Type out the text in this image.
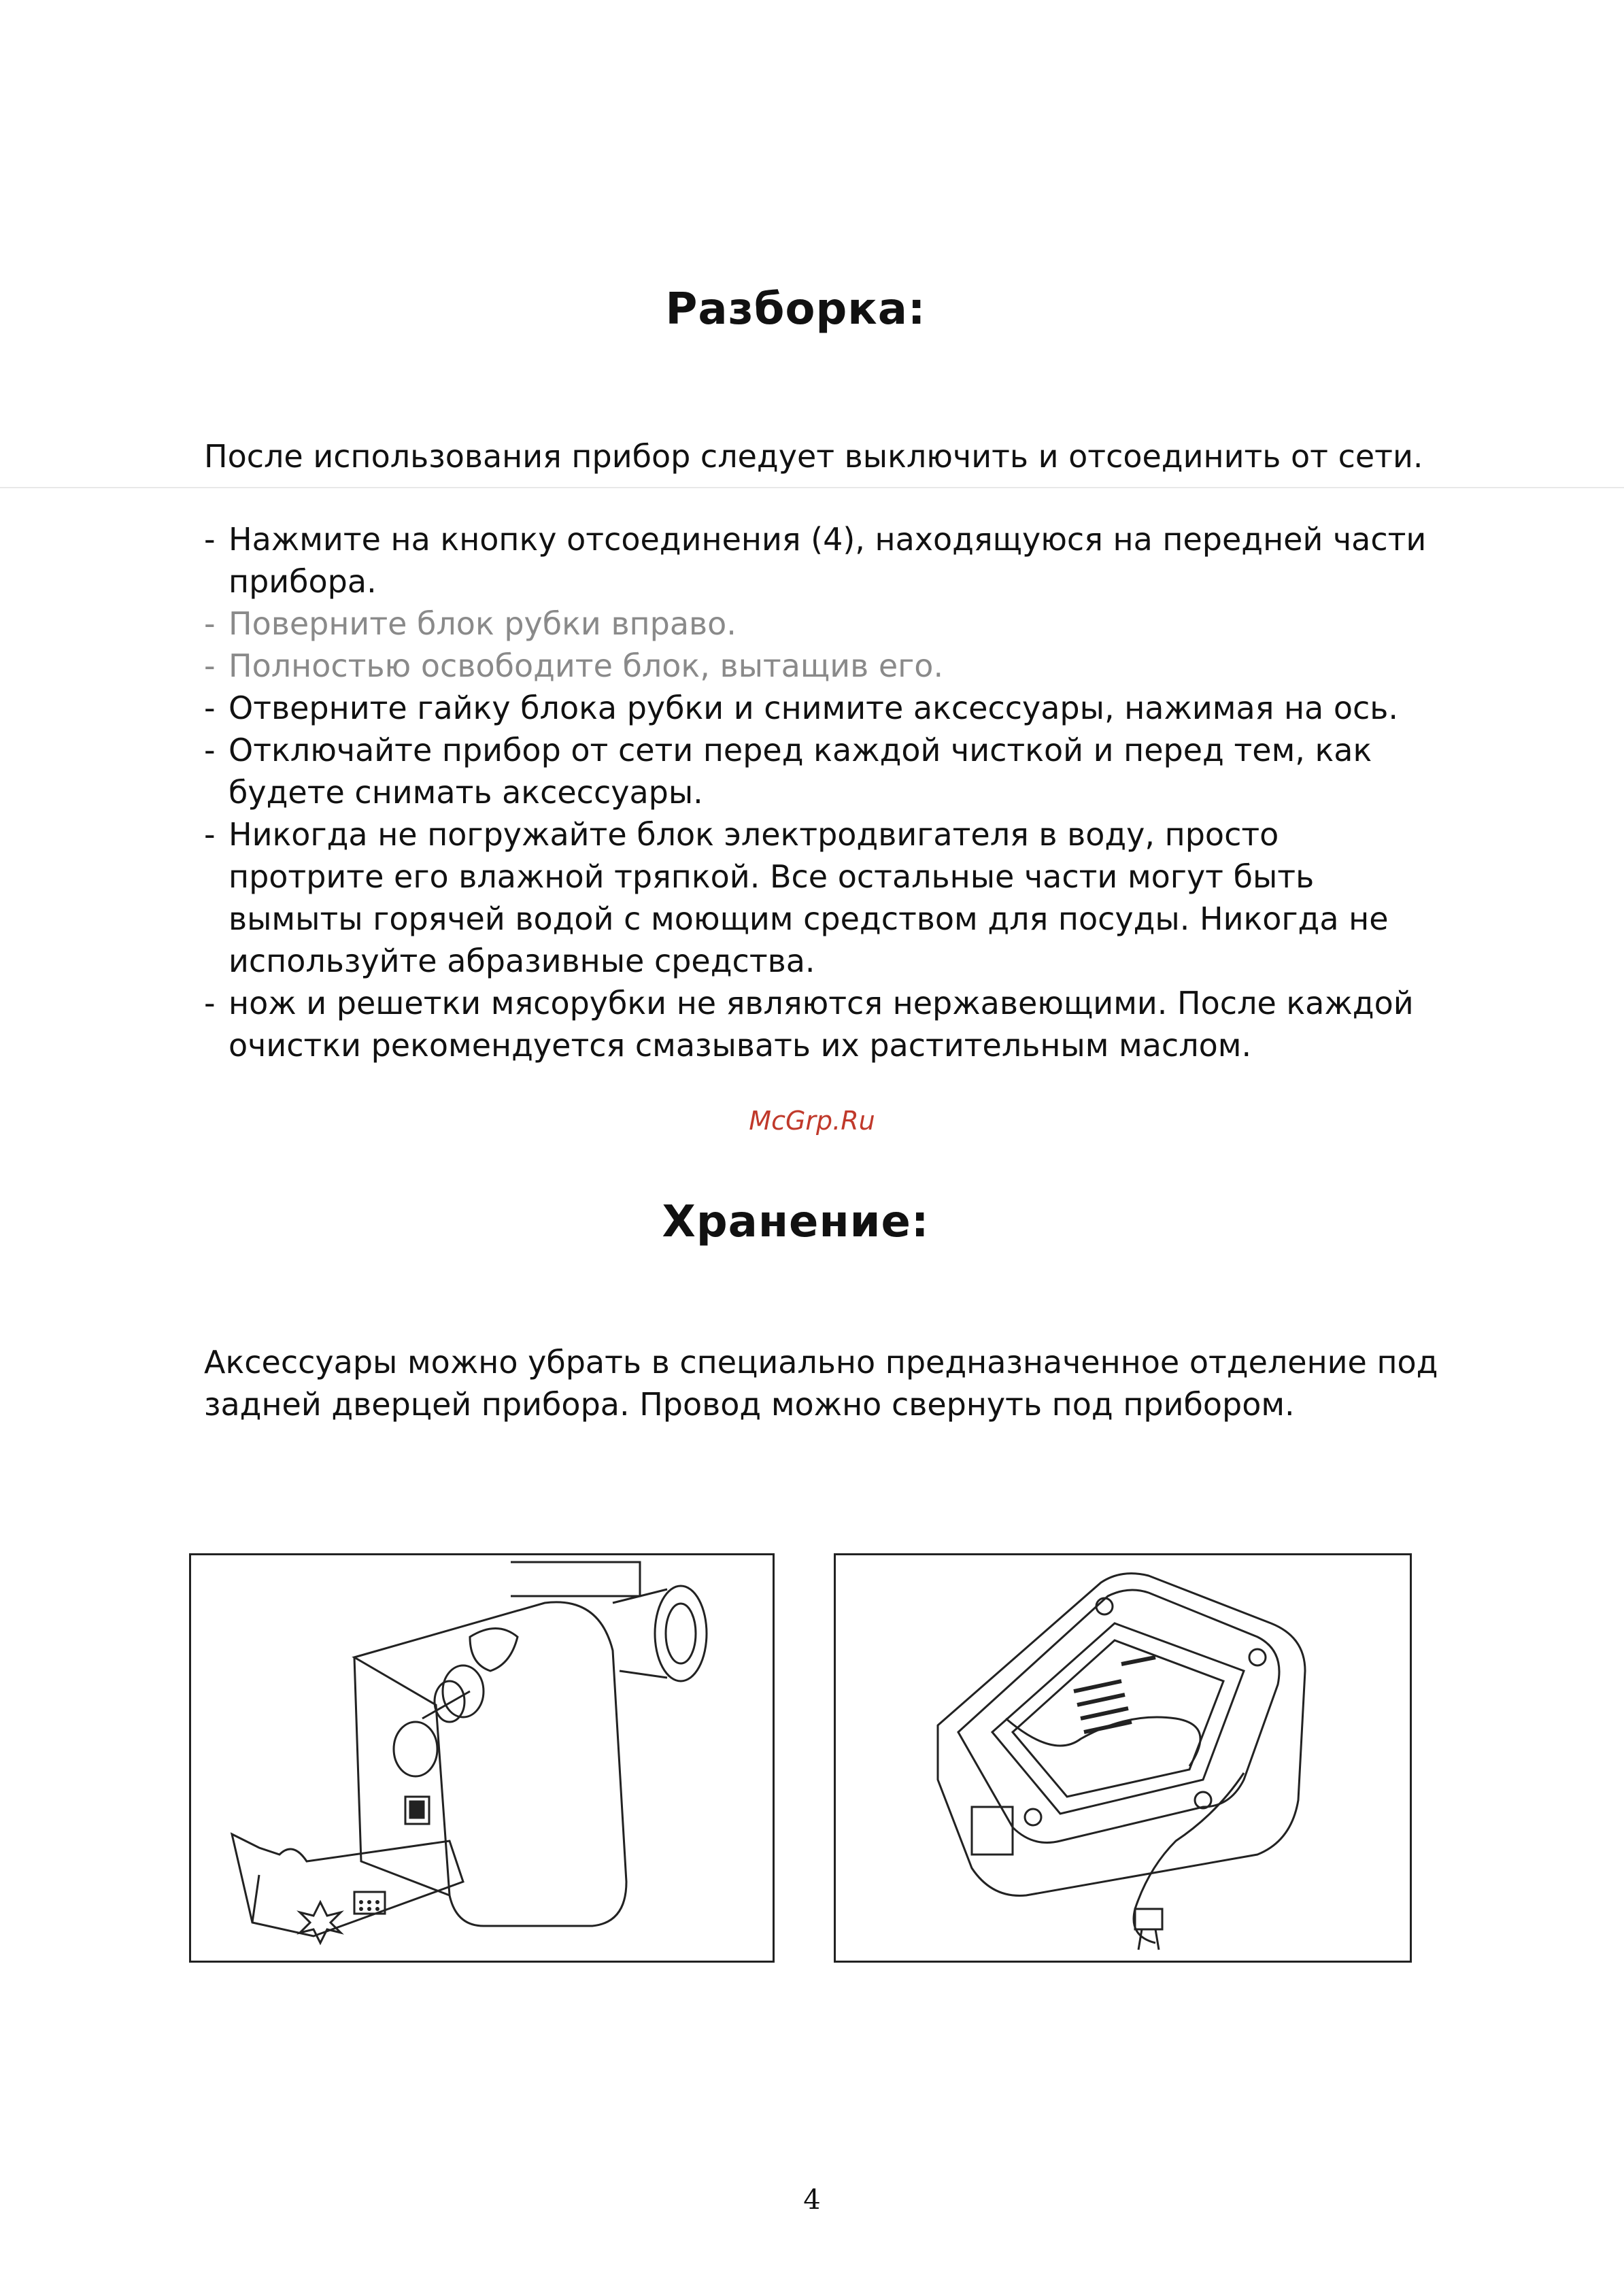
Разборка:

После использования прибор следует выключить и отсоединить от сети.

- Нажмите на кнопку отсоединения (4), находящуюся на передней части прибора.
- Поверните блок рубки вправо.
- Полностью освободите блок, вытащив его.
- Отверните гайку блока рубки и снимите аксессуары, нажимая на ось.
- Отключайте прибор от сети перед каждой чисткой и перед тем, как будете снимать аксессуары.
- Никогда не погружайте блок электродвигателя в воду, просто протрите его влажной тряпкой. Все остальные части могут быть вымыты горячей водой с моющим средством для посуды. Никогда не используйте абразивные средства.
- нож и решетки мясорубки не являются нержавеющими. После каждой очистки рекомендуется смазывать их растительным маслом.
McGrp.Ru
Хранение:

Аксессуары можно убрать в специально предназначенное отделение под задней дверцей прибора. Провод можно свернуть под прибором.

4
